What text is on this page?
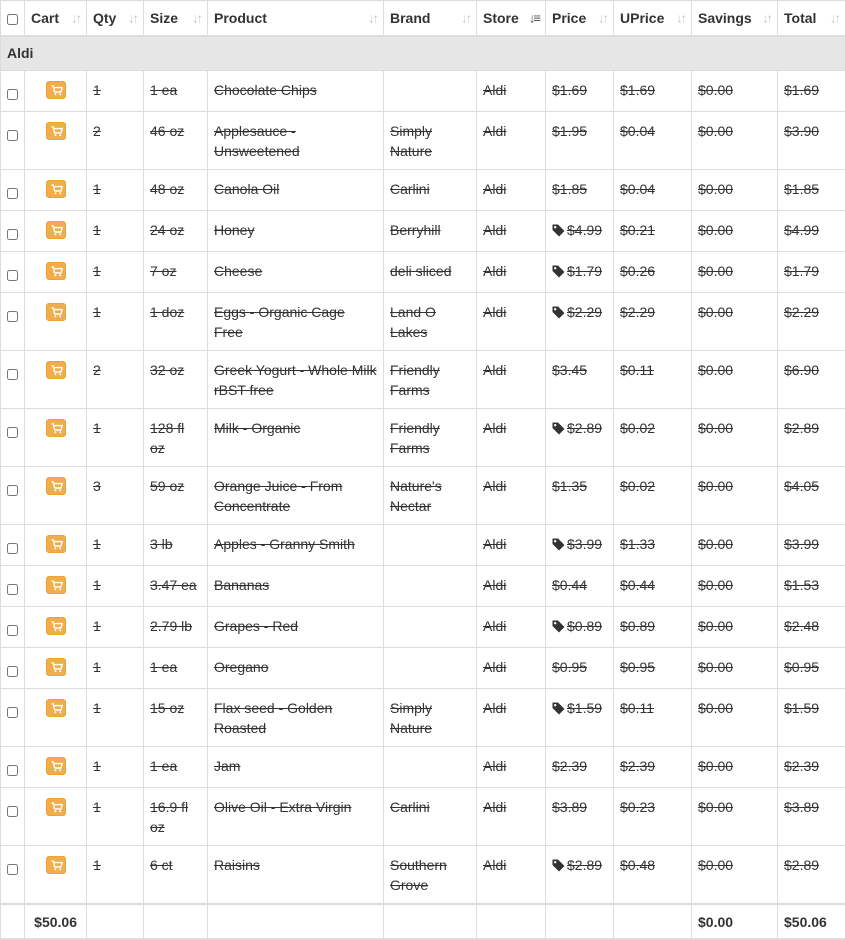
	Cart ↓↑	Qty ↓↑	Size ↓↑	Product ↓↑	Brand ↓↑	Store ↓≡	Price ↓↑	UPrice ↓↑	Savings ↓↑	Total ↓↑

Aldi										

	1	1 ea	Chocolate Chips		Aldi	$1.69	$1.69	$0.00	$1.69

	2	46 oz	Applesauce - Unsweetened	Simply Nature	Aldi	$1.95	$0.04	$0.00	$3.90

	1	48 oz	Canola Oil	Carlini	Aldi	$1.85	$0.04	$0.00	$1.85

	1	24 oz	Honey	Berryhill	Aldi	$4.99	$0.21	$0.00	$4.99

	1	7 oz	Cheese	deli sliced	Aldi	$1.79	$0.26	$0.00	$1.79

	1	1 doz	Eggs - Organic Cage Free	Land O Lakes	Aldi	$2.29	$2.29	$0.00	$2.29

	2	32 oz	Greek Yogurt - Whole Milk rBST free	Friendly Farms	Aldi	$3.45	$0.11	$0.00	$6.90

	1	128 fl oz	Milk - Organic	Friendly Farms	Aldi	$2.89	$0.02	$0.00	$2.89

	3	59 oz	Orange Juice - From Concentrate	Nature's Nectar	Aldi	$1.35	$0.02	$0.00	$4.05

	1	3 lb	Apples - Granny Smith		Aldi	$3.99	$1.33	$0.00	$3.99

	1	3.47 ea	Bananas		Aldi	$0.44	$0.44	$0.00	$1.53

	1	2.79 lb	Grapes - Red		Aldi	$0.89	$0.89	$0.00	$2.48

	1	1 ea	Oregano		Aldi	$0.95	$0.95	$0.00	$0.95

	1	15 oz	Flax seed - Golden Roasted	Simply Nature	Aldi	$1.59	$0.11	$0.00	$1.59

	1	1 ea	Jam		Aldi	$2.39	$2.39	$0.00	$2.39

	1	16.9 fl oz	Olive Oil - Extra Virgin	Carlini	Aldi	$3.89	$0.23	$0.00	$3.89

	1	6 ct	Raisins	Southern Grove	Aldi	$2.89	$0.48	$0.00	$2.89
	$50.06								$0.00	$50.06
